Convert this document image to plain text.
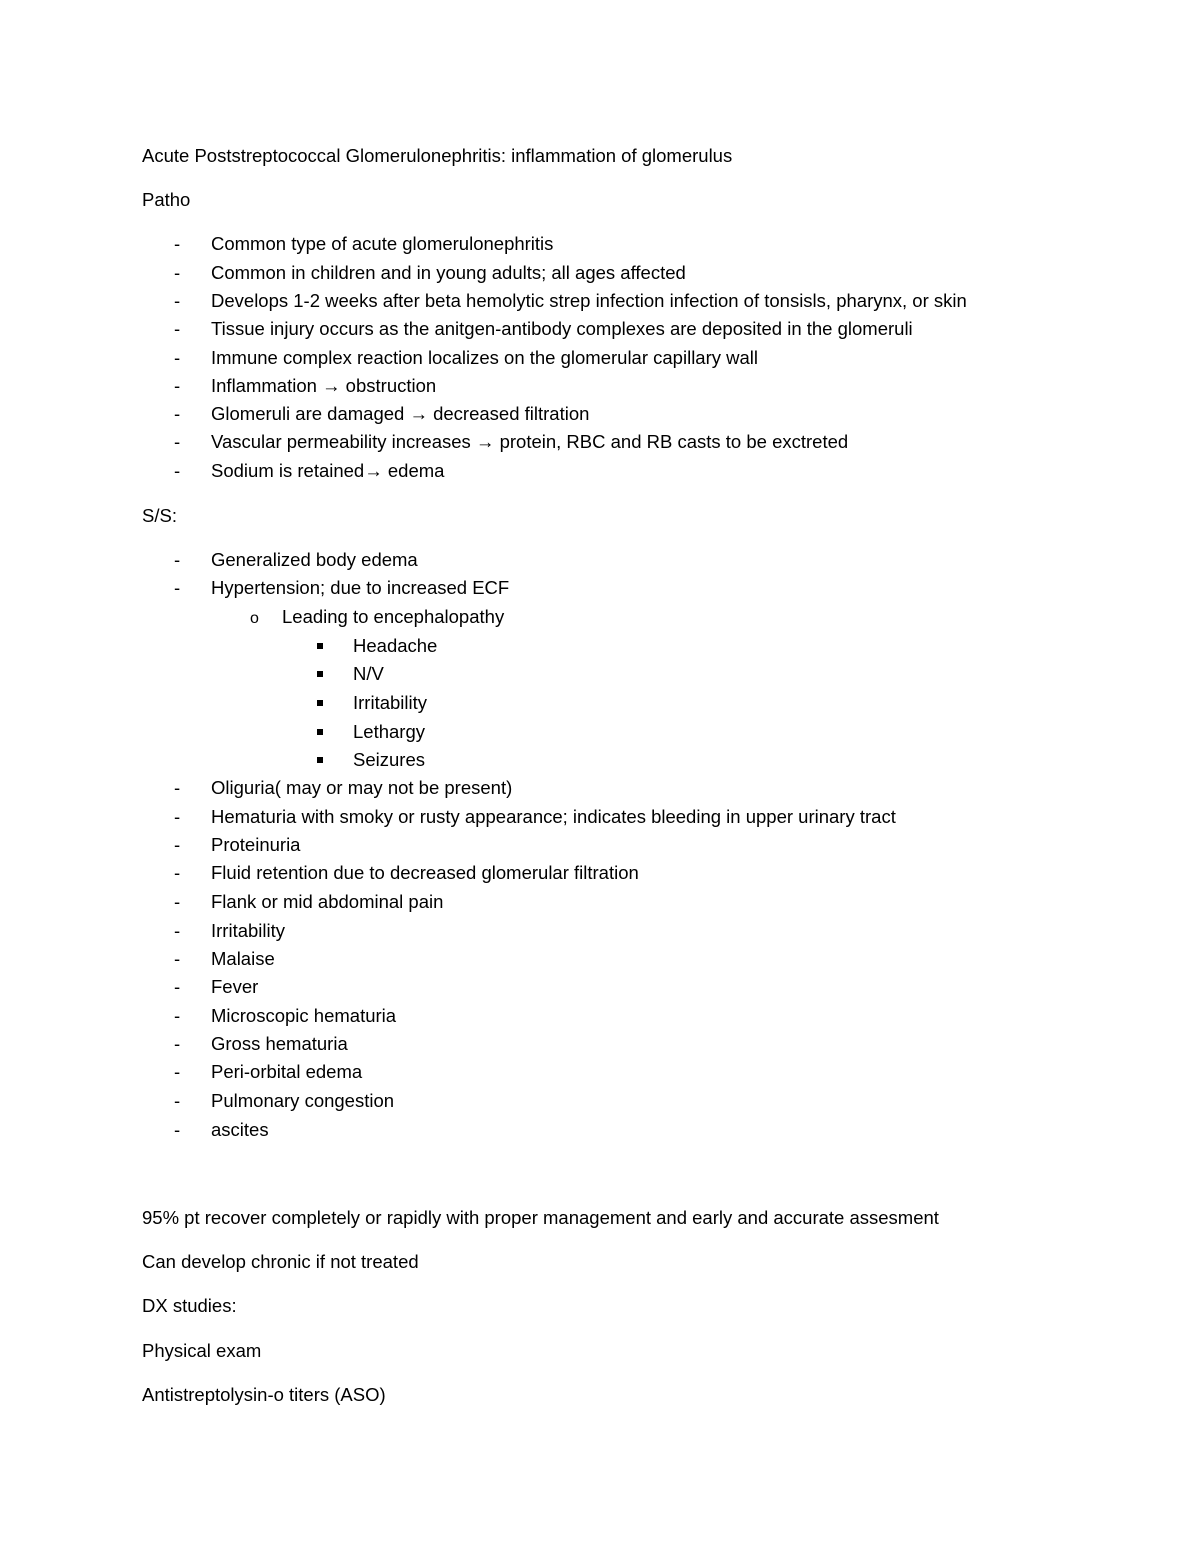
Acute Poststreptococcal Glomerulonephritis: inflammation of glomerulus
Patho
- Common type of acute glomerulonephritis
- Common in children and in young adults; all ages affected
- Develops 1-2 weeks after beta hemolytic strep infection infection of tonsisls, pharynx, or skin
- Tissue injury occurs as the anitgen-antibody complexes are deposited in the glomeruli
- Immune complex reaction localizes on the glomerular capillary wall
- Inflammation → obstruction
- Glomeruli are damaged → decreased filtration
- Vascular permeability increases → protein, RBC and RB casts to be exctreted
- Sodium is retained→ edema
S/S:
- Generalized body edema
- Hypertension; due to increased ECF
o Leading to encephalopathy
Headache
N/V
Irritability
Lethargy
Seizures
- Oliguria( may or may not be present)
- Hematuria with smoky or rusty appearance; indicates bleeding in upper urinary tract
- Proteinuria
- Fluid retention due to decreased glomerular filtration
- Flank or mid abdominal pain
- Irritability
- Malaise
- Fever
- Microscopic hematuria
- Gross hematuria
- Peri-orbital edema
- Pulmonary congestion
- ascites
95% pt recover completely or rapidly with proper management and early and accurate assesment
Can develop chronic if not treated
DX studies:
Physical exam
Antistreptolysin-o titers (ASO)
